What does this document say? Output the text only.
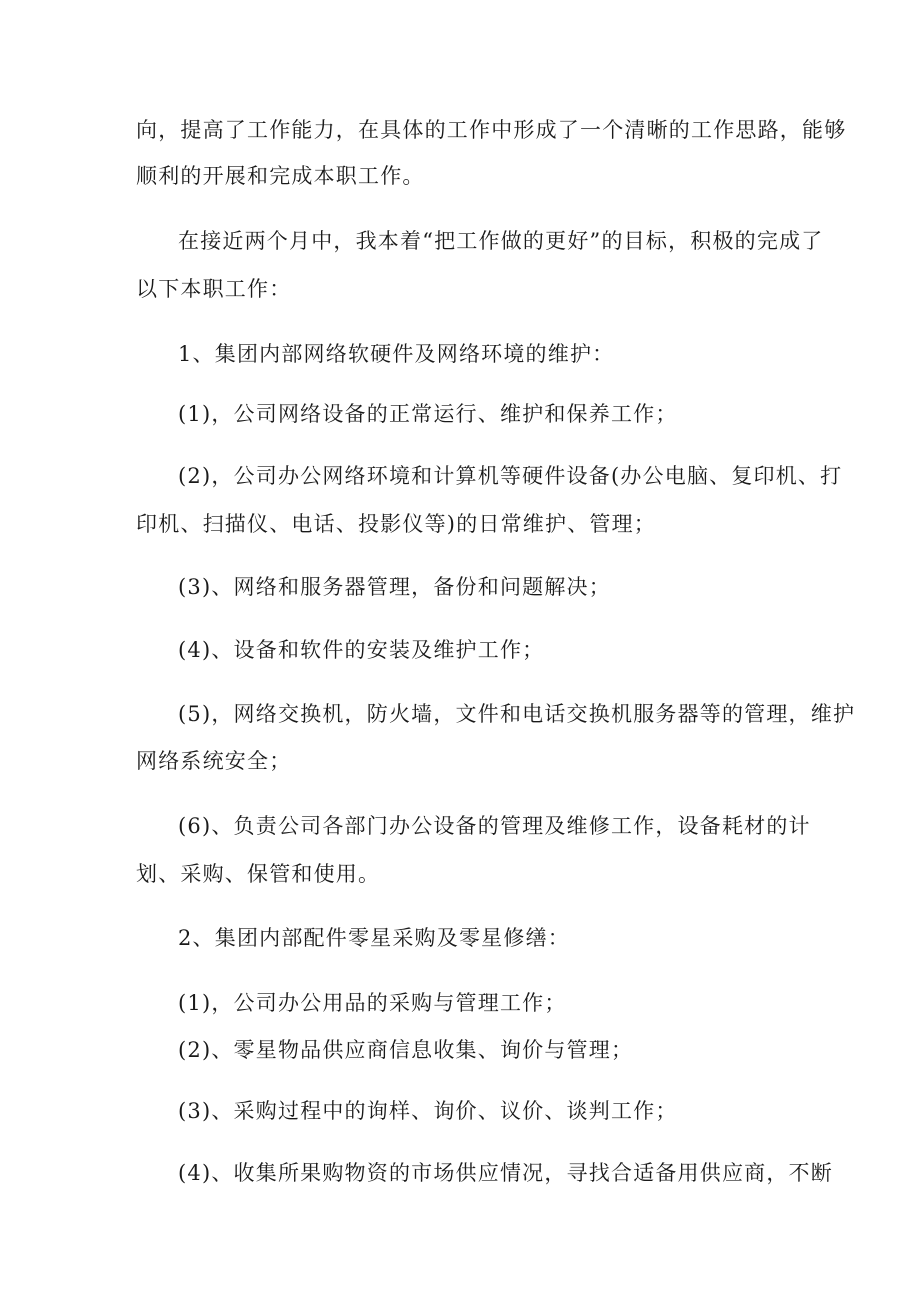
向，提高了工作能力，在具体的工作中形成了一个清晰的工作思路，能够
顺利的开展和完成本职工作。
在接近两个月中，我本着“把工作做的更好”的目标，积极的完成了
以下本职工作：
1、集团内部网络软硬件及网络环境的维护：
(1)，公司网络设备的正常运行、维护和保养工作；
(2)，公司办公网络环境和计算机等硬件设备(办公电脑、复印机、打
印机、扫描仪、电话、投影仪等)的日常维护、管理；
(3)、网络和服务器管理，备份和问题解决；
(4)、设备和软件的安装及维护工作；
(5)，网络交换机，防火墙，文件和电话交换机服务器等的管理，维护
网络系统安全；
(6)、负责公司各部门办公设备的管理及维修工作，设备耗材的计
划、采购、保管和使用。
2、集团内部配件零星采购及零星修缮：
(1)，公司办公用品的采购与管理工作；
(2)、零星物品供应商信息收集、询价与管理；
(3)、采购过程中的询样、询价、议价、谈判工作；
(4)、收集所果购物资的市场供应情况，寻找合适备用供应商，不断
